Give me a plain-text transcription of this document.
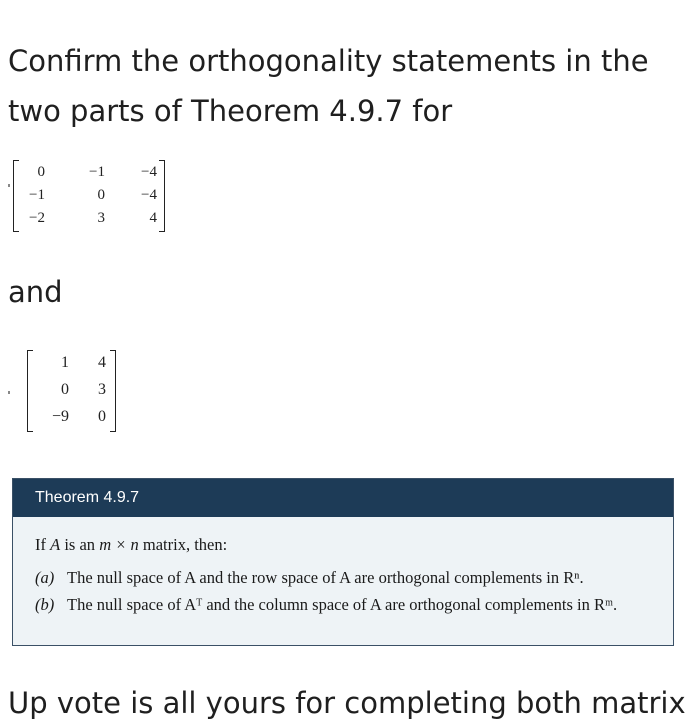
Confirm the orthogonality statements in the
two parts of Theorem 4.9.7 for
0	−1 −4
−1	0 −4
−2	3	4
and
1 4
0 3
−9 0
Theorem 4.9.7
If A is an m × n matrix, then:
(a) The null space of A and the row space of A are orthogonal complements in Rⁿ.
(b) The null space of Aᵀ and the column space of A are orthogonal complements in Rᵐ.
Up vote is all yours for completing both matrix
